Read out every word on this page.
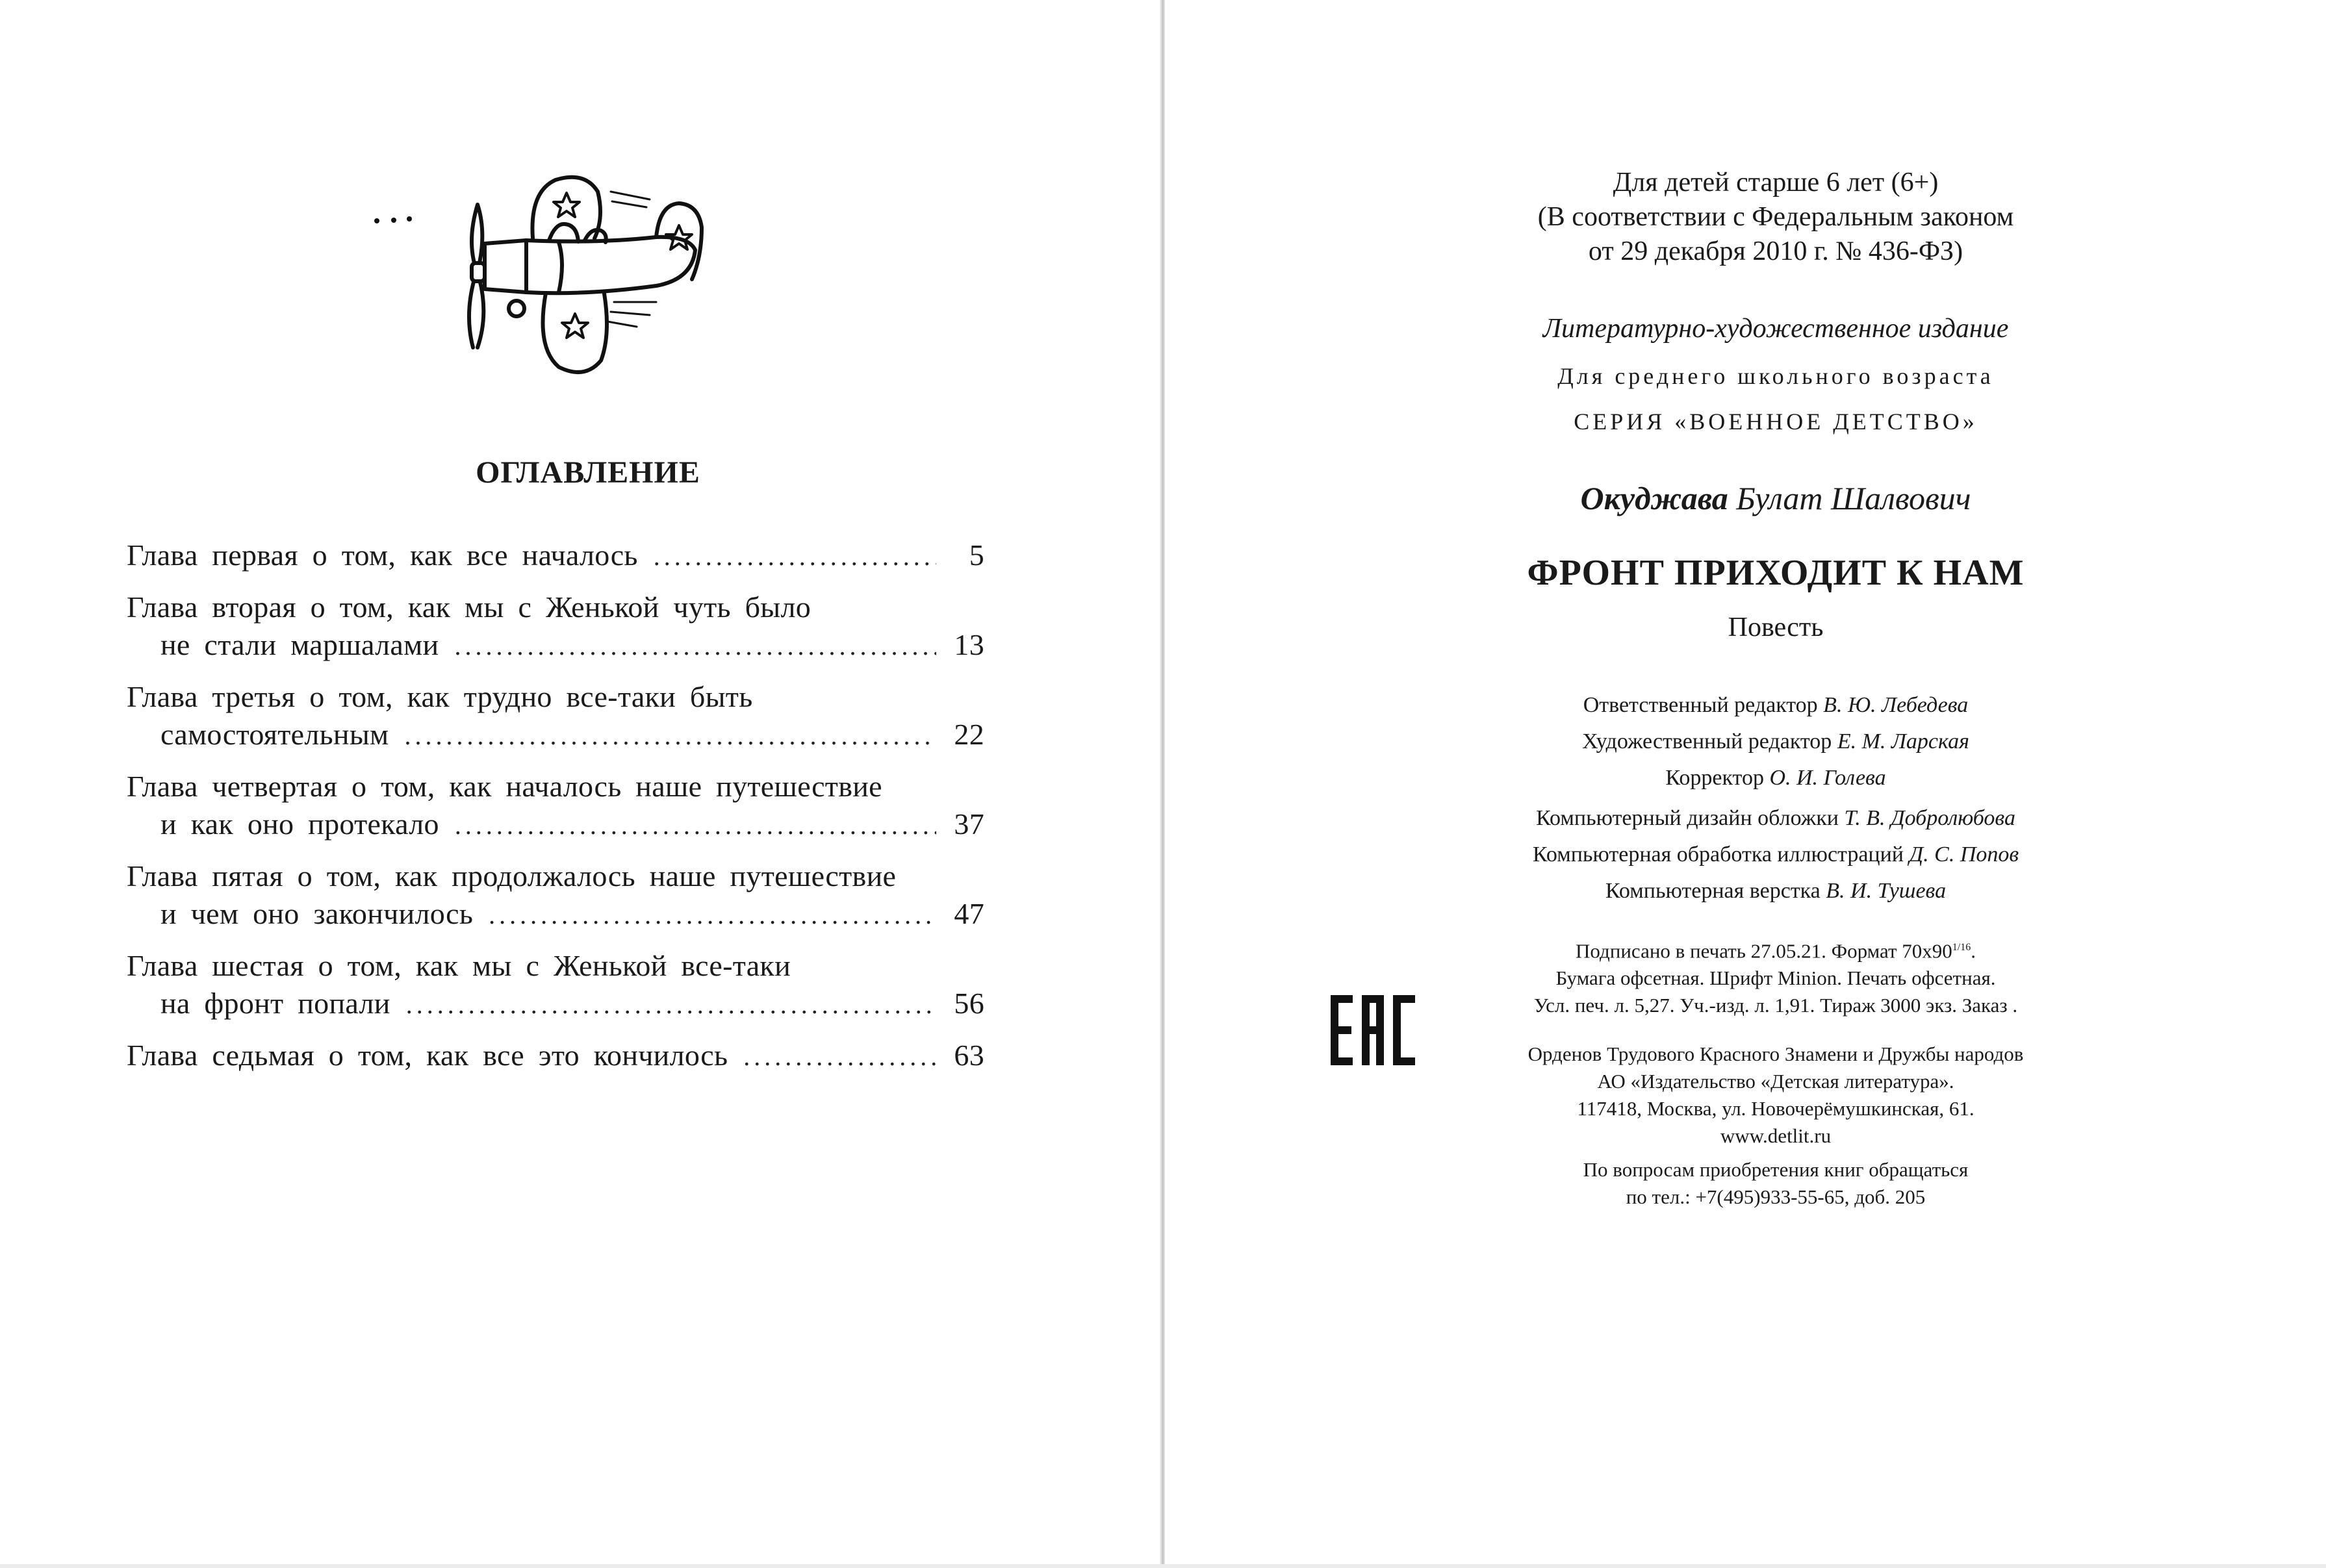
ОГЛАВЛЕНИЕ
Глава первая о том, как все началось .....	5
Глава вторая о том, как мы с Женькой чуть было
не стали маршалами .....	13
Глава третья о том, как трудно все-таки быть
самостоятельным .....	22
Глава четвертая о том, как началось наше путешествие
и как оно протекало .....	37
Глава пятая о том, как продолжалось наше путешествие
и чем оно закончилось .....	47
Глава шестая о том, как мы с Женькой все-таки
на фронт попали .....	56
Глава седьмая о том, как все это кончилось .....	63
Для детей старше 6 лет (6+)
(В соответствии с Федеральным законом
от 29 декабря 2010 г. № 436-ФЗ)
Литературно-художественное издание
Для среднего школьного возраста
СЕРИЯ «ВОЕННОЕ ДЕТСТВО»
Окуджава Булат Шалвович
ФРОНТ ПРИХОДИТ К НАМ
Повесть
Ответственный редактор В. Ю. Лебедева
Художественный редактор Е. М. Ларская
Корректор О. И. Голева
Компьютерный дизайн обложки Т. В. Добролюбова
Компьютерная обработка иллюстраций Д. С. Попов
Компьютерная верстка В. И. Тушева
Подписано в печать 27.05.21. Формат $70х90^{1/16}$.
Бумага офсетная. Шрифт Minion. Печать офсетная.
Усл. печ. л. 5,27. Уч.-изд. л. 1,91. Тираж 3000 экз. Заказ .
Орденов Трудового Красного Знамени и Дружбы народов
АО «Издательство «Детская литература».
117418, Москва, ул. Новочерёмушкинская, 61.
www.detlit.ru
По вопросам приобретения книг обращаться
по тел.: +7(495)933-55-65, доб. 205
